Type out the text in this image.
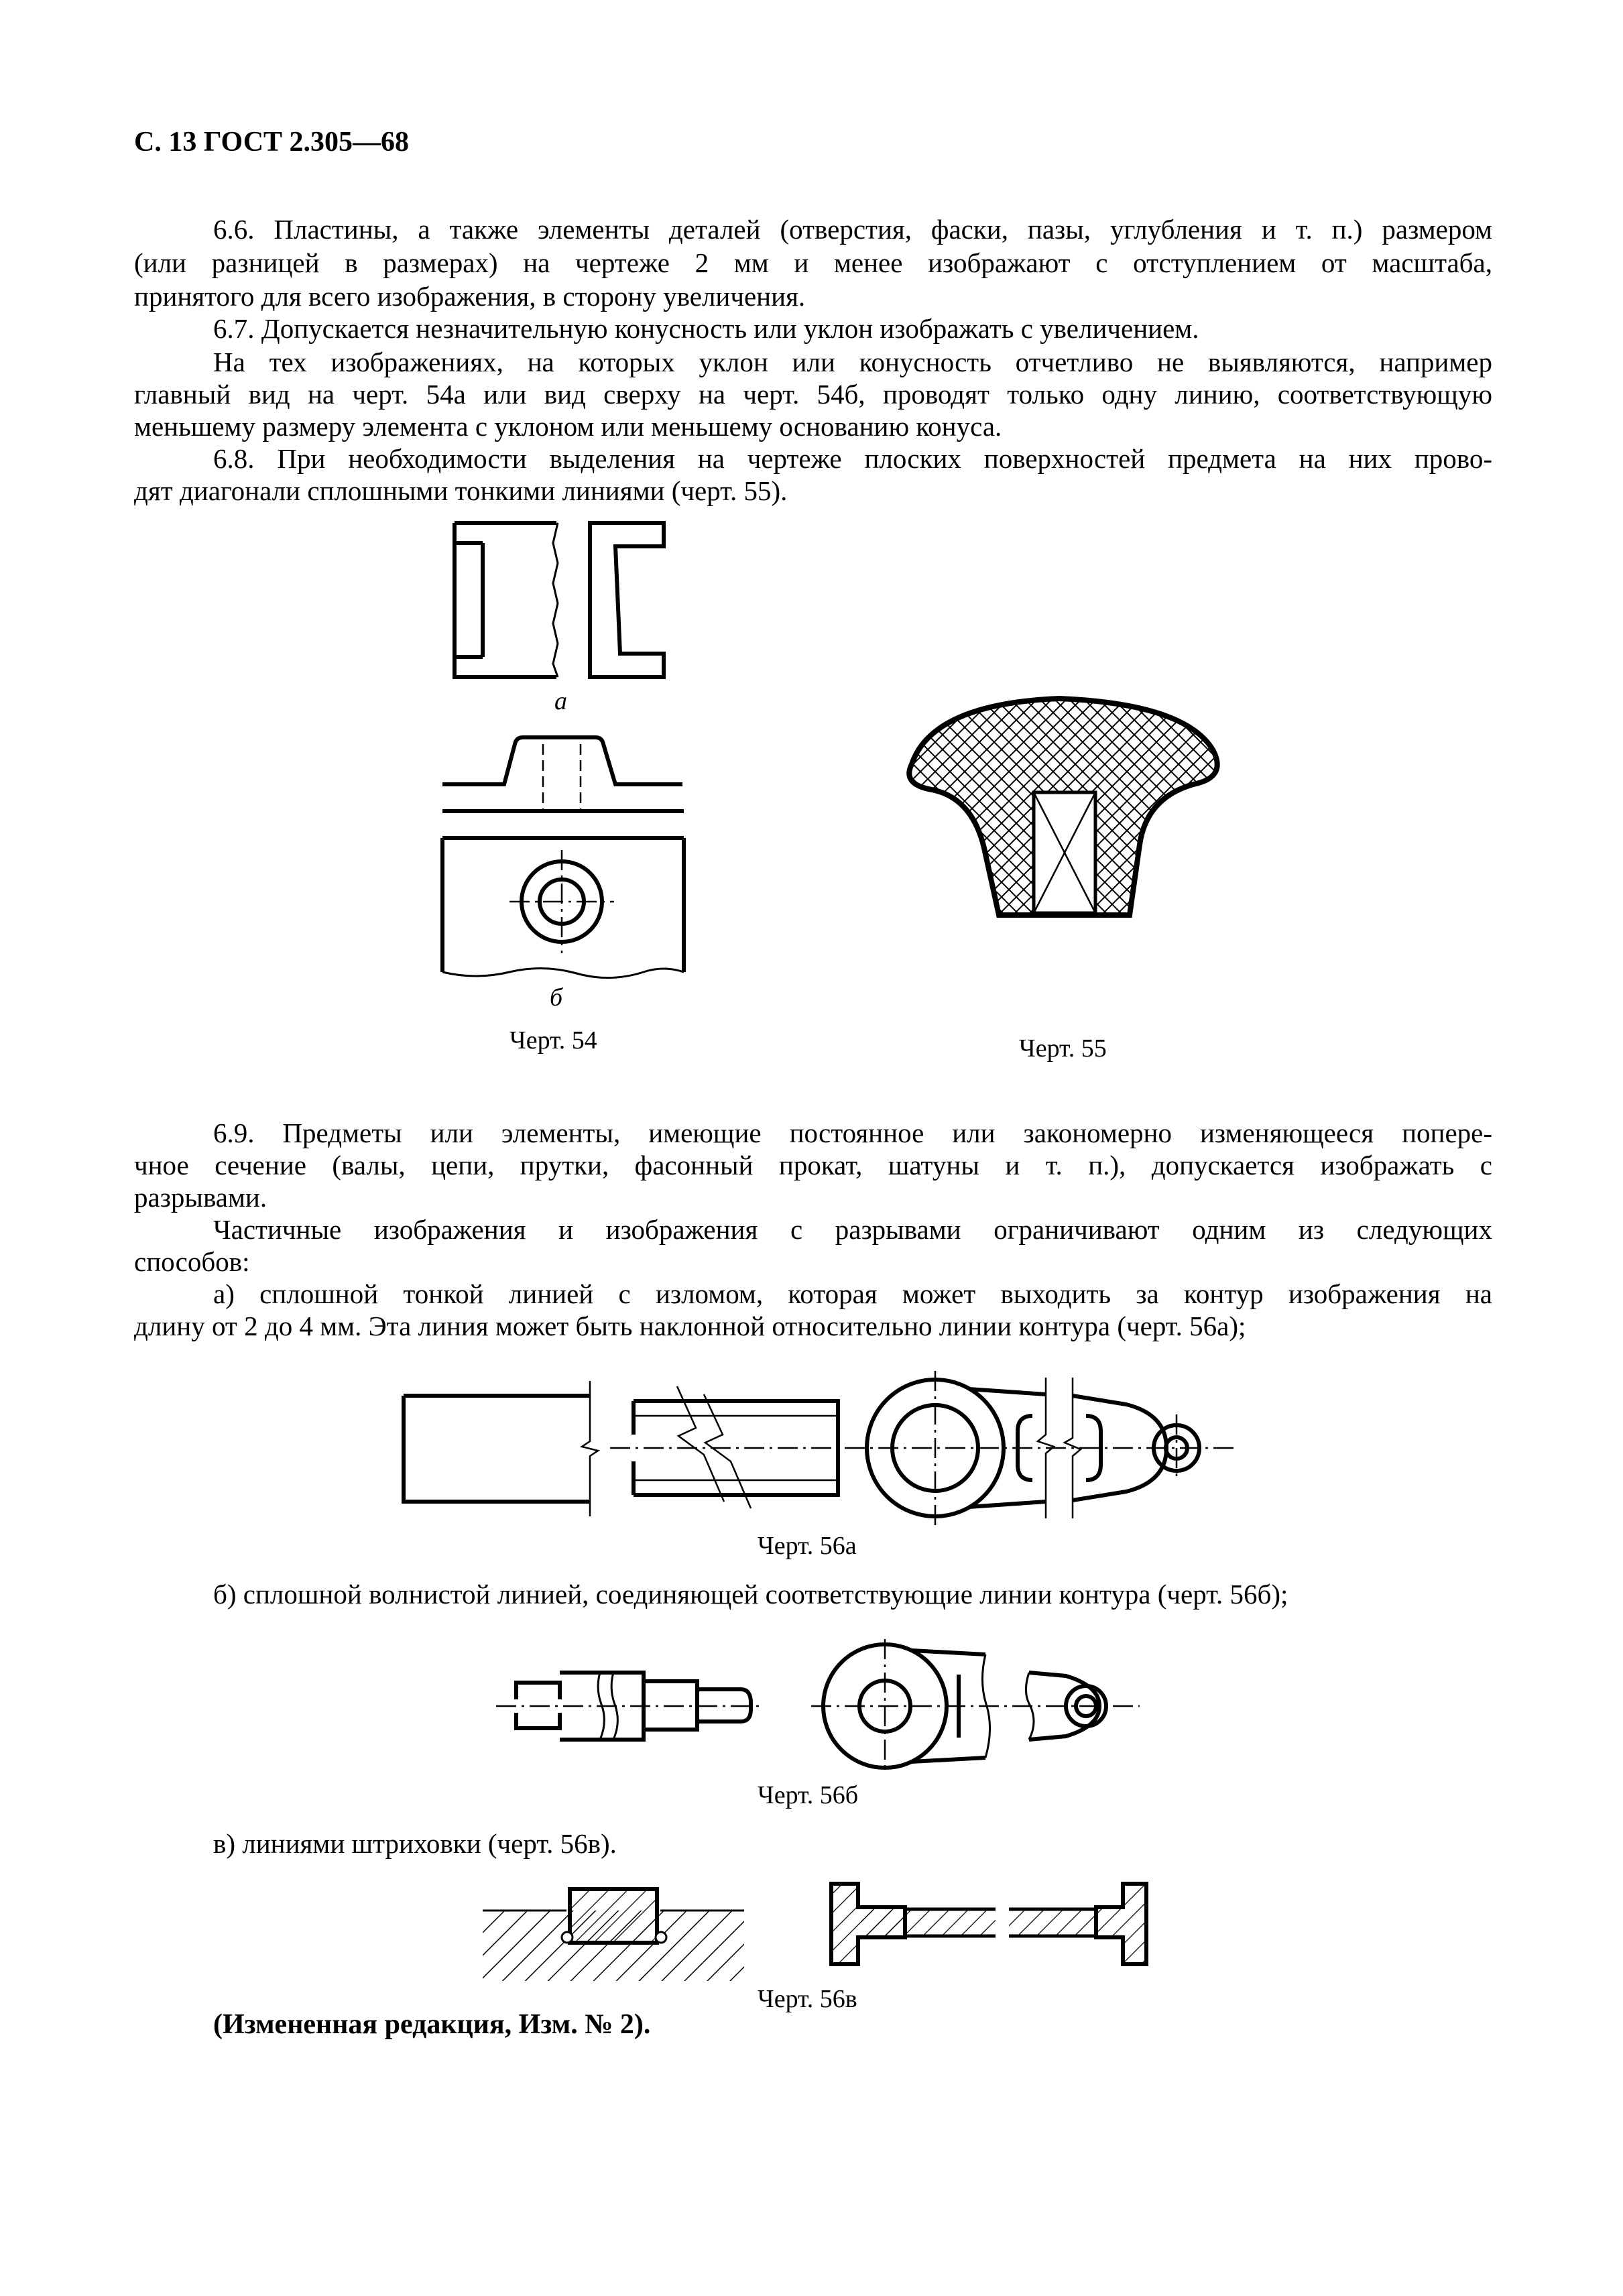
С. 13 ГОСТ 2.305—68
6.6. Пластины, а также элементы деталей (отверстия, фаски, пазы, углубления и т. п.) размером
(или разницей в размерах) на чертеже 2 мм и менее изображают с отступлением от масштаба,
принятого для всего изображения, в сторону увеличения.
6.7. Допускается незначительную конусность или уклон изображать с увеличением.
На тех изображениях, на которых уклон или конусность отчетливо не выявляются, например
главный вид на черт. 54а или вид сверху на черт. 54б, проводят только одну линию, соответствующую
меньшему размеру элемента с уклоном или меньшему основанию конуса.
6.8. При необходимости выделения на чертеже плоских поверхностей предмета на них прово-
дят диагонали сплошными тонкими линиями (черт. 55).
а
б
Черт. 54	Черт. 55
6.9. Предметы или элементы, имеющие постоянное или закономерно изменяющееся попере-
чное сечение (валы, цепи, прутки, фасонный прокат, шатуны и т. п.), допускается изображать с
разрывами.
Частичные изображения и изображения с разрывами ограничивают одним из следующих
способов:
а) сплошной тонкой линией с изломом, которая может выходить за контур изображения на
длину от 2 до 4 мм. Эта линия может быть наклонной относительно линии контура (черт. 56а);
Черт. 56а
б) сплошной волнистой линией, соединяющей соответствующие линии контура (черт. 56б);
Черт. 56б
в) линиями штриховки (черт. 56в).
Черт. 56в
(Измененная редакция, Изм. № 2).
